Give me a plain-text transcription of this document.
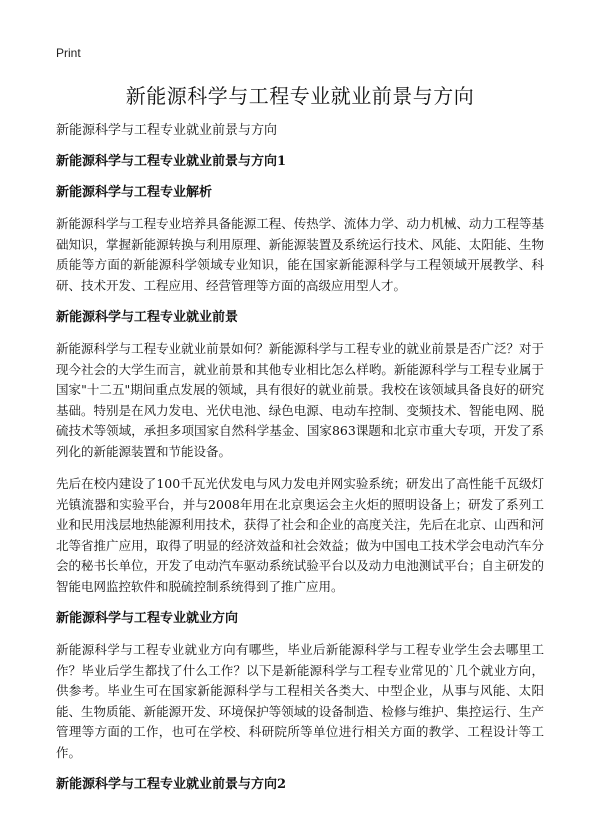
Print
新能源科学与工程专业就业前景与方向

新能源科学与工程专业就业前景与方向

新能源科学与工程专业就业前景与方向1
新能源科学与工程专业解析

新能源科学与工程专业培养具备能源工程、传热学、流体力学、动力机械、动力工程等基础知识，掌握新能源转换与利用原理、新能源装置及系统运行技术、风能、太阳能、生物质能等方面的新能源科学领域专业知识，能在国家新能源科学与工程领域开展教学、科研、技术开发、工程应用、经营管理等方面的高级应用型人才。

新能源科学与工程专业就业前景

新能源科学与工程专业就业前景如何？新能源科学与工程专业的就业前景是否广泛？对于现今社会的大学生而言，就业前景和其他专业相比怎么样哟。新能源科学与工程专业属于国家"十二五"期间重点发展的领域，具有很好的就业前景。我校在该领域具备良好的研究基础。特别是在风力发电、光伏电池、绿色电源、电动车控制、变频技术、智能电网、脱硫技术等领域，承担多项国家自然科学基金、国家863课题和北京市重大专项，开发了系列化的新能源装置和节能设备。

先后在校内建设了100千瓦光伏发电与风力发电并网实验系统；研发出了高性能千瓦级灯光镇流器和实验平台，并与2008年用在北京奥运会主火炬的照明设备上；研发了系列工业和民用浅层地热能源利用技术，获得了社会和企业的高度关注，先后在北京、山西和河北等省推广应用，取得了明显的经济效益和社会效益；做为中国电工技术学会电动汽车分会的秘书长单位，开发了电动汽车驱动系统试验平台以及动力电池测试平台；自主研发的智能电网监控软件和脱硫控制系统得到了推广应用。

新能源科学与工程专业就业方向

新能源科学与工程专业就业方向有哪些，毕业后新能源科学与工程专业学生会去哪里工作？毕业后学生都找了什么工作？以下是新能源科学与工程专业常见的`几个就业方向，供参考。毕业生可在国家新能源科学与工程相关各类大、中型企业，从事与风能、太阳能、生物质能、新能源开发、环境保护等领域的设备制造、检修与维护、集控运行、生产管理等方面的工作，也可在学校、科研院所等单位进行相关方面的教学、工程设计等工作。

新能源科学与工程专业就业前景与方向2
